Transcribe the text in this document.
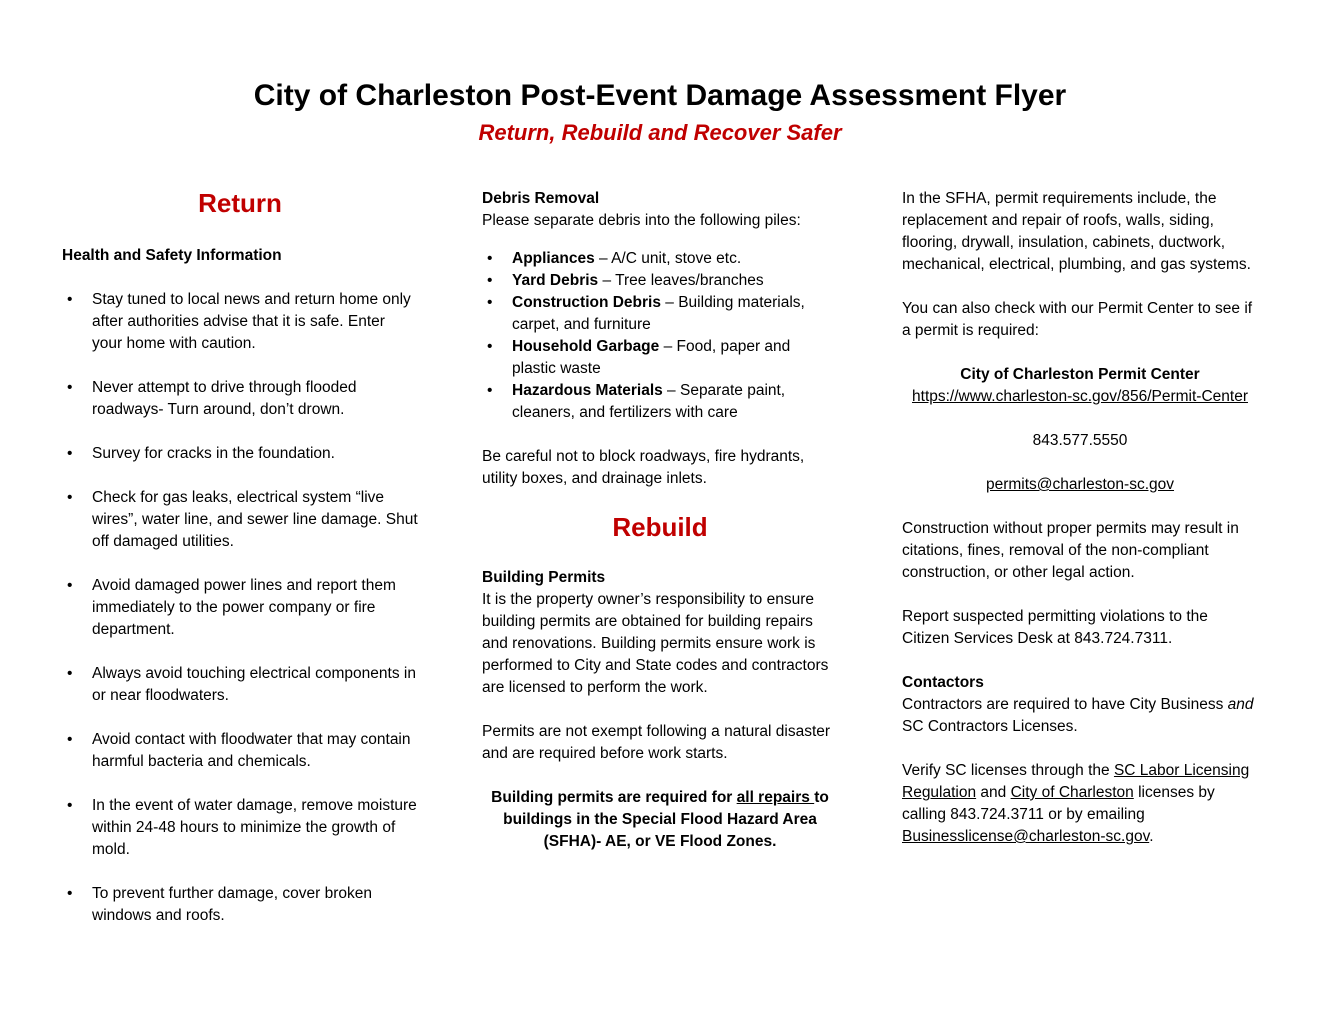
City of Charleston Post-Event Damage Assessment Flyer
Return, Rebuild and Recover Safer
Return

Health and Safety Information

• Stay tuned to local news and return home only after authorities advise that it is safe. Enter your home with caution.
• Never attempt to drive through flooded roadways- Turn around, don’t drown.
• Survey for cracks in the foundation.
• Check for gas leaks, electrical system “live wires”, water line, and sewer line damage. Shut off damaged utilities.
• Avoid damaged power lines and report them immediately to the power company or fire department.
• Always avoid touching electrical components in or near floodwaters.
• Avoid contact with floodwater that may contain harmful bacteria and chemicals.
• In the event of water damage, remove moisture within 24-48 hours to minimize the growth of mold.
• To prevent further damage, cover broken windows and roofs.

Debris Removal

Please separate debris into the following piles:

• Appliances – A/C unit, stove etc.
• Yard Debris – Tree leaves/branches
• Construction Debris – Building materials, carpet, and furniture
• Household Garbage – Food, paper and plastic waste
• Hazardous Materials – Separate paint, cleaners, and fertilizers with care

Be careful not to block roadways, fire hydrants, utility boxes, and drainage inlets.

Rebuild

Building Permits

It is the property owner’s responsibility to ensure building permits are obtained for building repairs and renovations. Building permits ensure work is performed to City and State codes and contractors are licensed to perform the work.

Permits are not exempt following a natural disaster and are required before work starts.

Building permits are required for all repairs to buildings in the Special Flood Hazard Area (SFHA)- AE, or VE Flood Zones.

In the SFHA, permit requirements include, the replacement and repair of roofs, walls, siding, flooring, drywall, insulation, cabinets, ductwork, mechanical, electrical, plumbing, and gas systems.

You can also check with our Permit Center to see if a permit is required:

City of Charleston Permit Center

https://www.charleston-sc.gov/856/Permit-Center

843.577.5550

permits@charleston-sc.gov

Construction without proper permits may result in citations, fines, removal of the non-compliant construction, or other legal action.

Report suspected permitting violations to the Citizen Services Desk at 843.724.7311.

Contactors

Contractors are required to have City Business and SC Contractors Licenses.

Verify SC licenses through the SC Labor Licensing Regulation and City of Charleston licenses by calling 843.724.3711 or by emailing Businesslicense@charleston-sc.gov.
